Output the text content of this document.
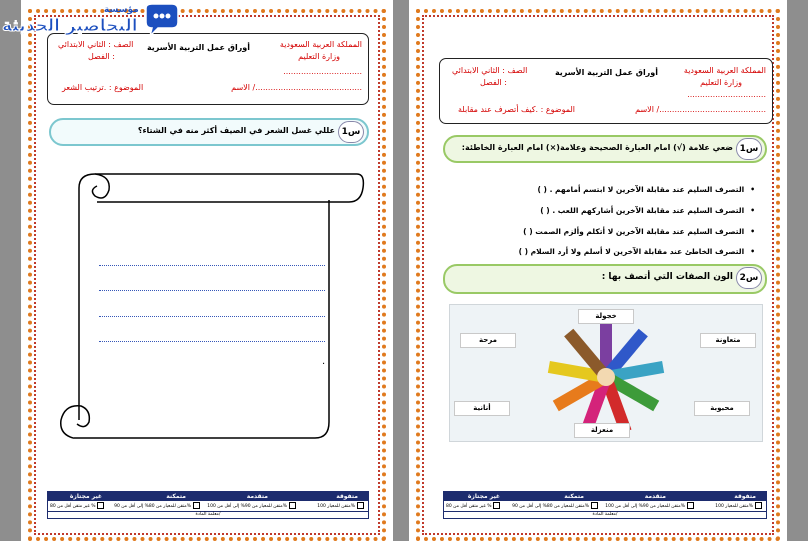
المملكة العربية السعودية
وزارة التعليم
أوراق عمل التربية الأسرية
الصف : الثاني الابتدائي
الفصل :
...............................
الاسم /..........................................
الموضوع : .ترتيب الشعر
س1
عللي غسل الشعر في الصيف أكثر منه في الشتاء؟
.
متفوقة
متقدمة
متمكنة
غير مجتازة
متقن للمعيار 100%
متقن للمعيار من 90% إلى أقل من 100%
متقن للمعيار من 80% إلى أقل من 90%
غير متقن أقل من 80 %
معلمة المادة/
المملكة العربية السعودية
وزارة التعليم
أوراق عمل التربية الأسرية
الصف : الثاني الابتدائي
الفصل :
...............................
الاسم /..........................................
الموضوع : .كيف أتصرف عند مقابلة
س1
ضعي علامة (√) امام العبارة الصحيحة وعلامة(×) امام العبارة الخاطئة:
• التصرف السليم عند مقابلة الآخرين لا ابتسم أمامهم . ( )
• التصرف السليم عند مقابلة الآخرين أشاركهم اللعب . ( )
• التصرف السليم عند مقابلة الآخرين لا أتكلم وألزم الصمت ( )
• التصرف الخاطئ عند مقابلة الآخرين لا أسلم ولا أرد السلام ( )
س2
الون الصفات التي أتصف بها :
خجولة
متعاونة
محبوبة
منعزلة
أنانية
مرحة
متفوقة
متقدمة
متمكنة
غير مجتازة
متقن للمعيار 100%
متقن للمعيار من 90% إلى أقل من 100%
متقن للمعيار من 80% إلى أقل من 90%
غير متقن أقل من 80 %
معلمة المادة/
مؤسسة
التحاضير الحديثة
